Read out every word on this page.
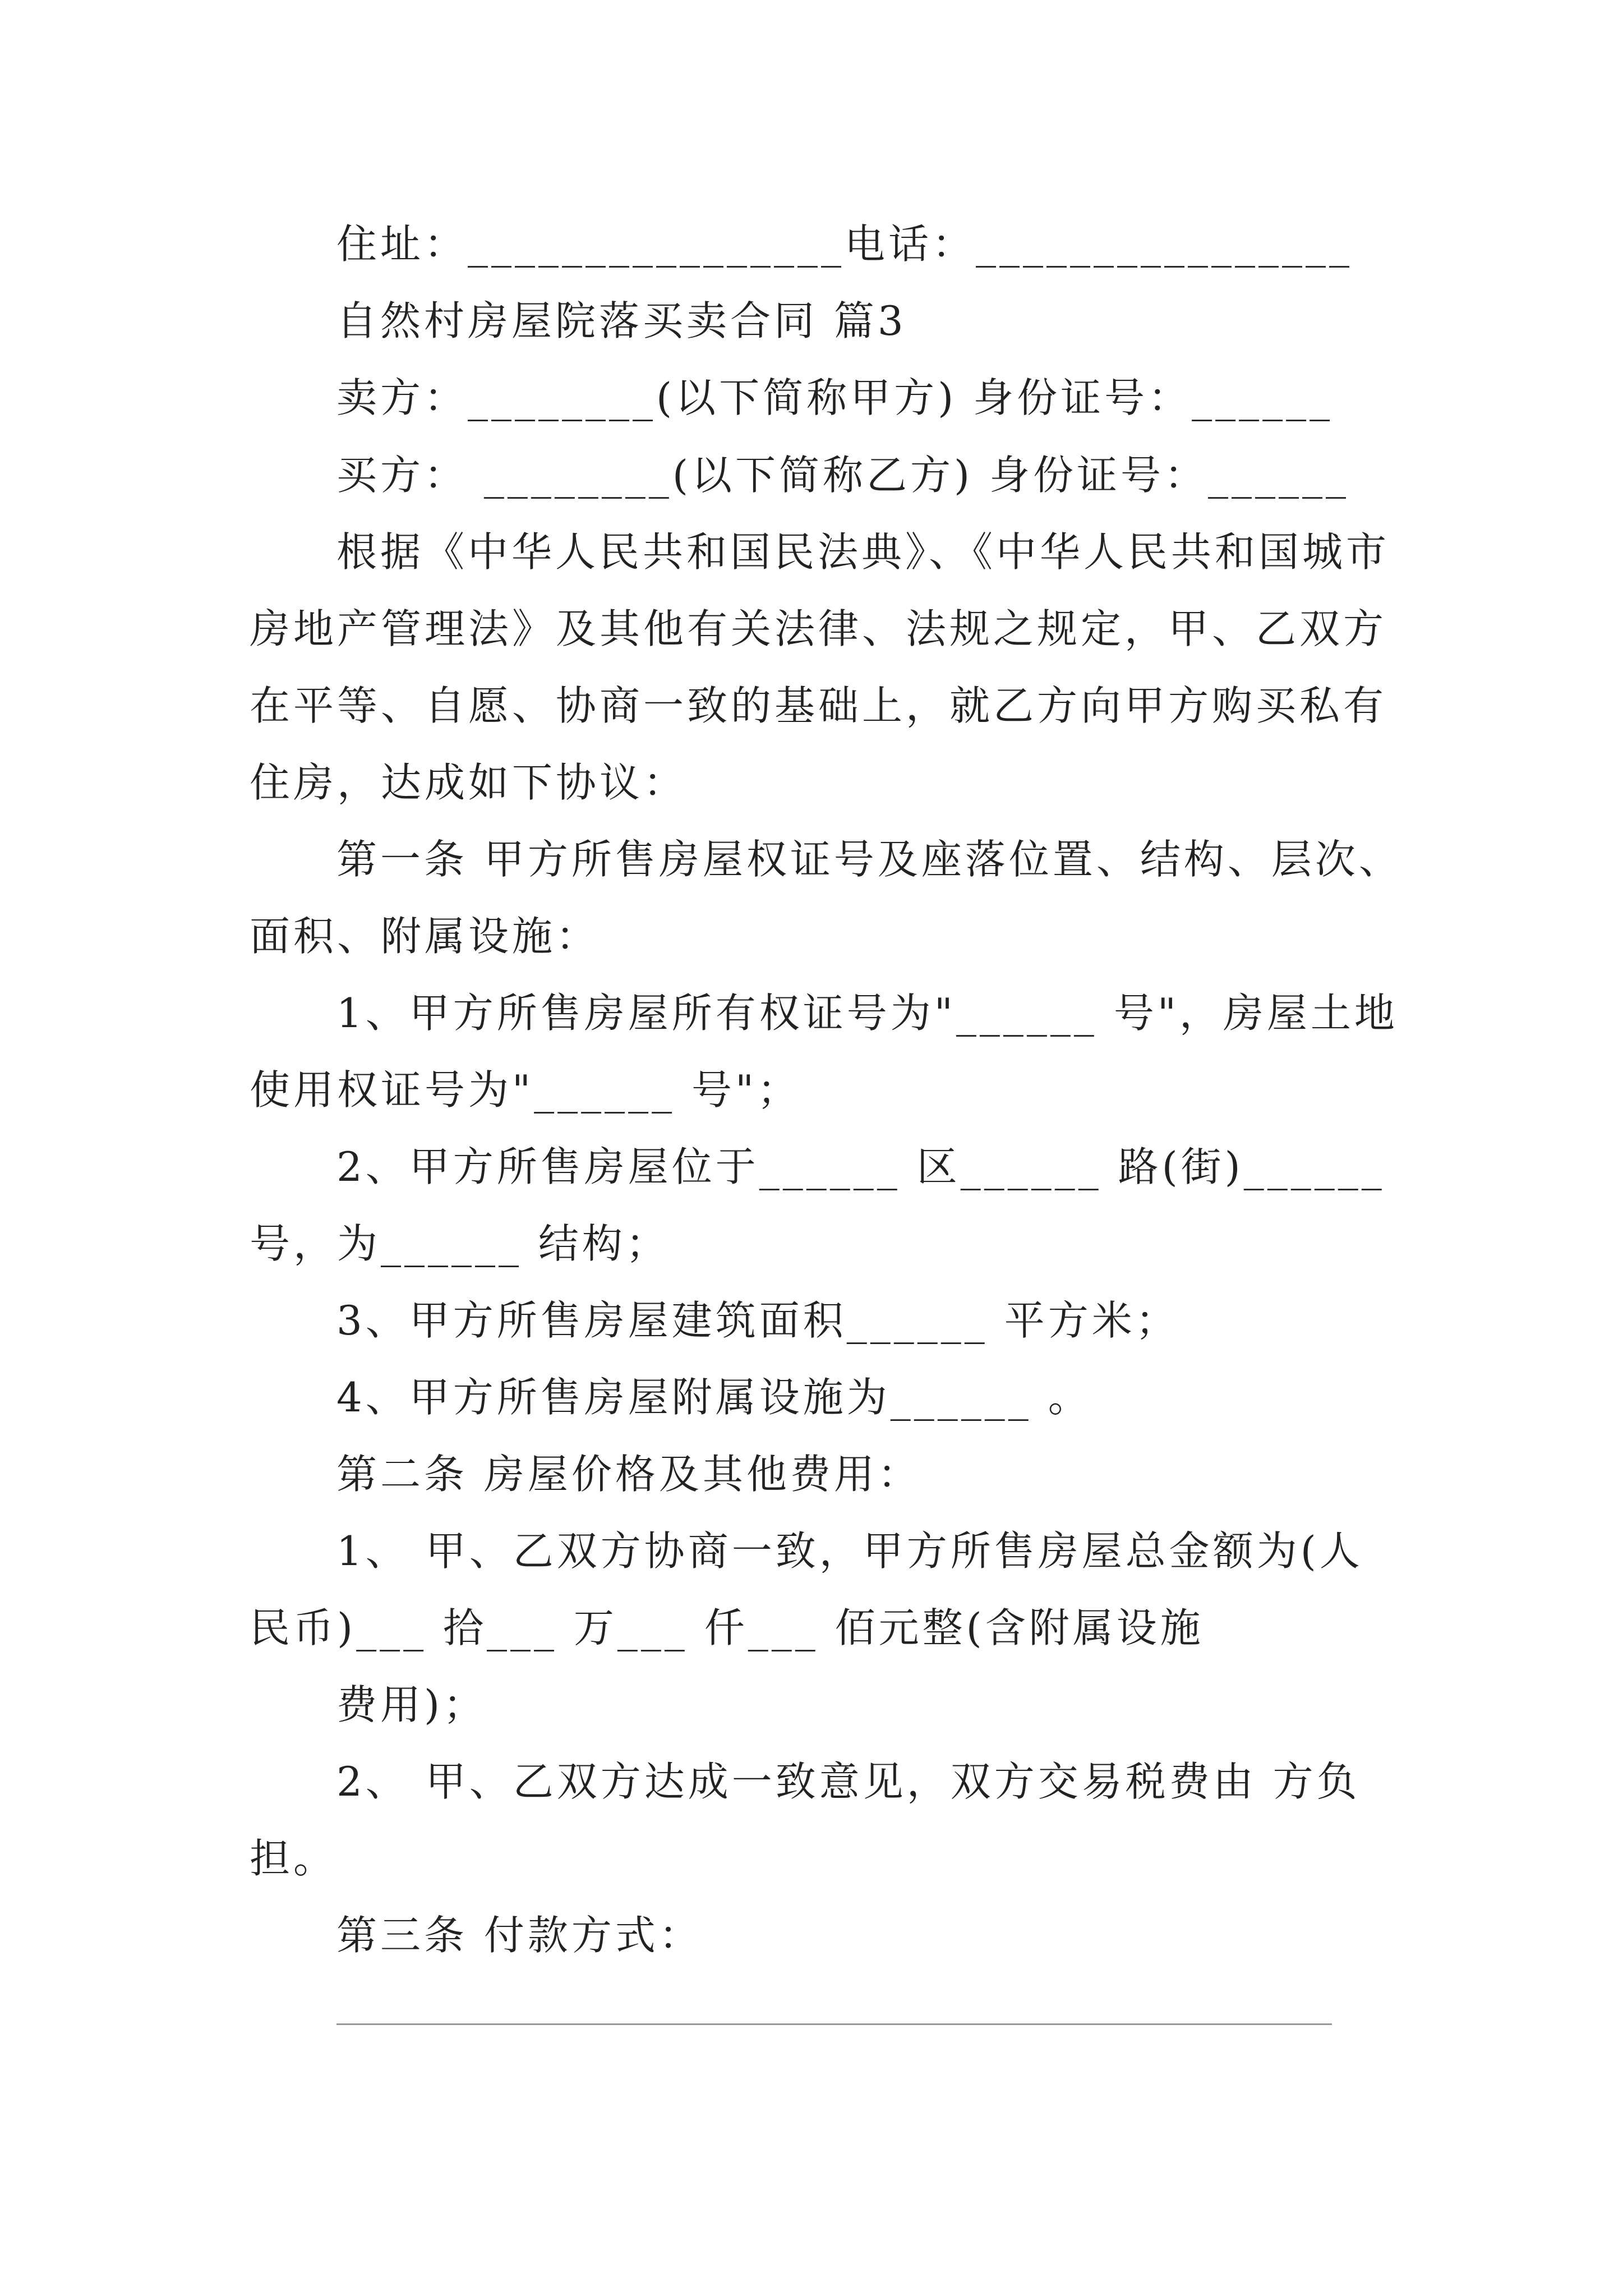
住址：________________电话：________________
自然村房屋院落买卖合同 篇3
卖方：________(以下简称甲方) 身份证号：______
买方： ________(以下简称乙方) 身份证号：______
根据《中华人民共和国民法典》、《中华人民共和国城市
房地产管理法》及其他有关法律、法规之规定，甲、乙双方
在平等、自愿、协商一致的基础上，就乙方向甲方购买私有
住房，达成如下协议：
第一条 甲方所售房屋权证号及座落位置、结构、层次、
面积、附属设施：
1、甲方所售房屋所有权证号为"______ 号"，房屋土地
使用权证号为"______ 号"；
2、甲方所售房屋位于______ 区______ 路(街)______
号，为______ 结构；
3、甲方所售房屋建筑面积______ 平方米；
4、甲方所售房屋附属设施为______ 。
第二条 房屋价格及其他费用：
1、 甲、乙双方协商一致，甲方所售房屋总金额为(人
民币)___ 拾___ 万___ 仟___ 佰元整(含附属设施
费用)；
2、 甲、乙双方达成一致意见，双方交易税费由 方负
担。
第三条 付款方式：
